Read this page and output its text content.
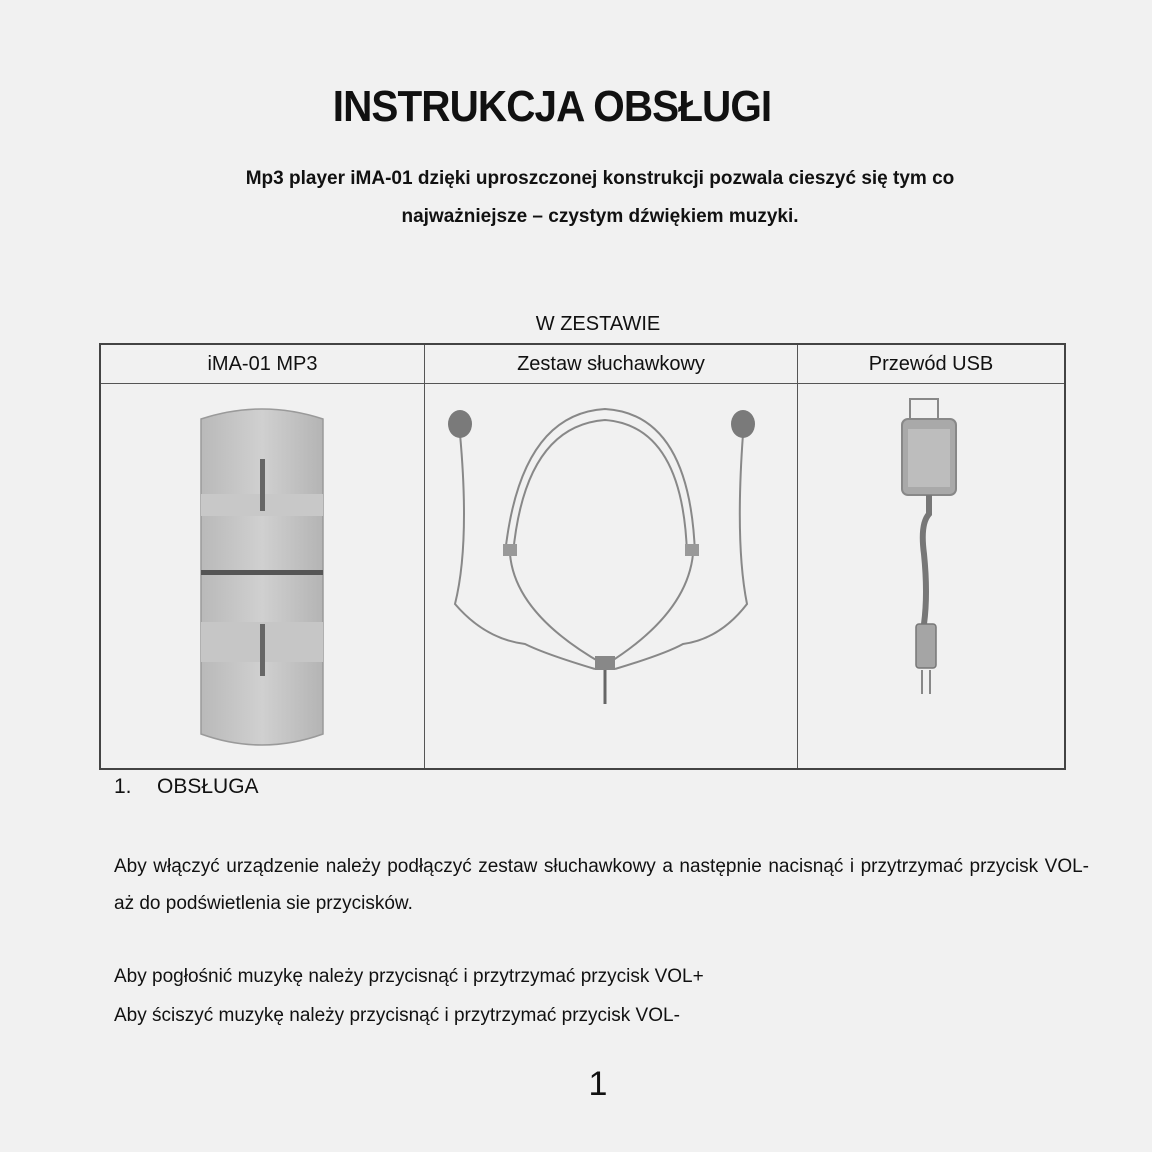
INSTRUKCJA OBSŁUGI
Mp3 player iMA-01 dzięki uproszczonej konstrukcji pozwala cieszyć się tym co
najważniejsze – czystym dźwiękiem muzyki.
W ZESTAWIE
iMA-01 MP3	Zestaw słuchawkowy	Przewód USB

1. OBSŁUGA
Aby włączyć urządzenie należy podłączyć zestaw słuchawkowy a następnie nacisnąć i przytrzymać przycisk VOL- aż do podświetlenia sie przycisków.
Aby pogłośnić muzykę należy przycisnąć i przytrzymać przycisk VOL+
Aby ściszyć muzykę należy przycisnąć i przytrzymać przycisk VOL-
1
